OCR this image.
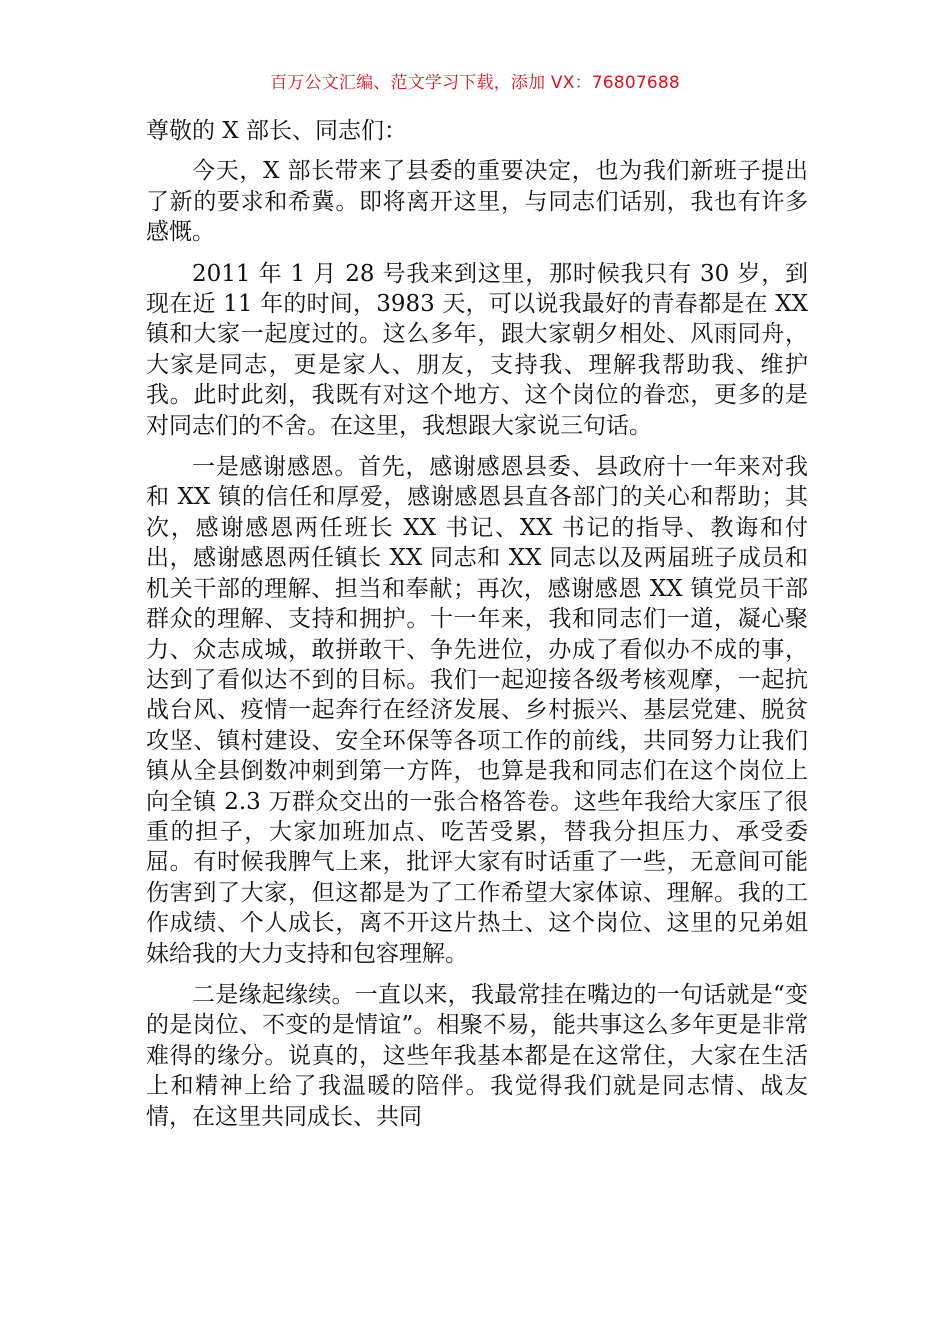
百万公文汇编、范文学习下载，添加 VX：76807688

尊敬的 X 部长、同志们：

今天，X 部长带来了县委的重要决定，也为我们新班子提出了新的要求和希冀。即将离开这里，与同志们话别，我也有许多感慨。

2011 年 1 月 28 号我来到这里，那时候我只有 30 岁，到现在近 11 年的时间，3983 天，可以说我最好的青春都是在 XX 镇和大家一起度过的。这么多年，跟大家朝夕相处、风雨同舟，大家是同志，更是家人、朋友，支持我、理解我帮助我、维护我。此时此刻，我既有对这个地方、这个岗位的眷恋，更多的是对同志们的不舍。在这里，我想跟大家说三句话。

一是感谢感恩。首先，感谢感恩县委、县政府十一年来对我和 XX 镇的信任和厚爱，感谢感恩县直各部门的关心和帮助；其次，感谢感恩两任班长 XX 书记、XX 书记的指导、教诲和付出，感谢感恩两任镇长 XX 同志和 XX 同志以及两届班子成员和机关干部的理解、担当和奉献；再次，感谢感恩 XX 镇党员干部群众的理解、支持和拥护。十一年来，我和同志们一道，凝心聚力、众志成城，敢拼敢干、争先进位，办成了看似办不成的事，达到了看似达不到的目标。我们一起迎接各级考核观摩，一起抗战台风、疫情一起奔行在经济发展、乡村振兴、基层党建、脱贫攻坚、镇村建设、安全环保等各项工作的前线，共同努力让我们镇从全县倒数冲刺到第一方阵，也算是我和同志们在这个岗位上向全镇 2.3 万群众交出的一张合格答卷。这些年我给大家压了很重的担子，大家加班加点、吃苦受累，替我分担压力、承受委屈。有时候我脾气上来，批评大家有时话重了一些，无意间可能伤害到了大家，但这都是为了工作希望大家体谅、理解。我的工作成绩、个人成长，离不开这片热土、这个岗位、这里的兄弟姐妹给我的大力支持和包容理解。

二是缘起缘续。一直以来，我最常挂在嘴边的一句话就是“变的是岗位、不变的是情谊”。相聚不易，能共事这么多年更是非常难得的缘分。说真的，这些年我基本都是在这常住，大家在生活上和精神上给了我温暖的陪伴。我觉得我们就是同志情、战友情，在这里共同成长、共同
